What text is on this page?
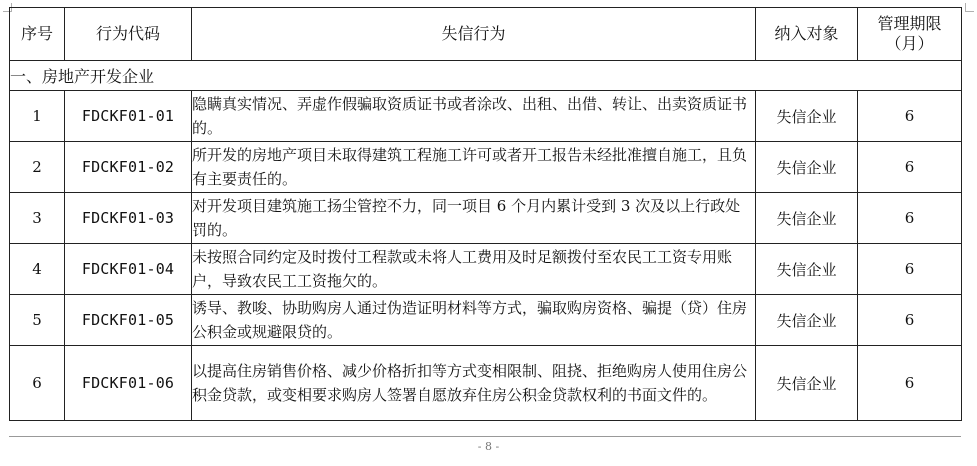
序号	行为代码	失信行为	纳入对象	管理期限
（月）

一、房地产开发企业				
1	FDCKF01-01	隐瞒真实情况、弄虚作假骗取资质证书或者涂改、出租、出借、转让、出卖资质证书的。	失信企业	6
2	FDCKF01-02	所开发的房地产项目未取得建筑工程施工许可或者开工报告未经批准擅自施工，且负有主要责任的。	失信企业	6
3	FDCKF01-03	对开发项目建筑施工扬尘管控不力，同一项目 6 个月内累计受到 3 次及以上行政处罚的。	失信企业	6
4	FDCKF01-04	未按照合同约定及时拨付工程款或未将人工费用及时足额拨付至农民工工资专用账户，导致农民工工资拖欠的。	失信企业	6
5	FDCKF01-05	诱导、教唆、协助购房人通过伪造证明材料等方式，骗取购房资格、骗提（贷）住房公积金或规避限贷的。	失信企业	6
6	FDCKF01-06	以提高住房销售价格、减少价格折扣等方式变相限制、阻挠、拒绝购房人使用住房公积金贷款，或变相要求购房人签署自愿放弃住房公积金贷款权利的书面文件的。	失信企业	6
- 8 -
